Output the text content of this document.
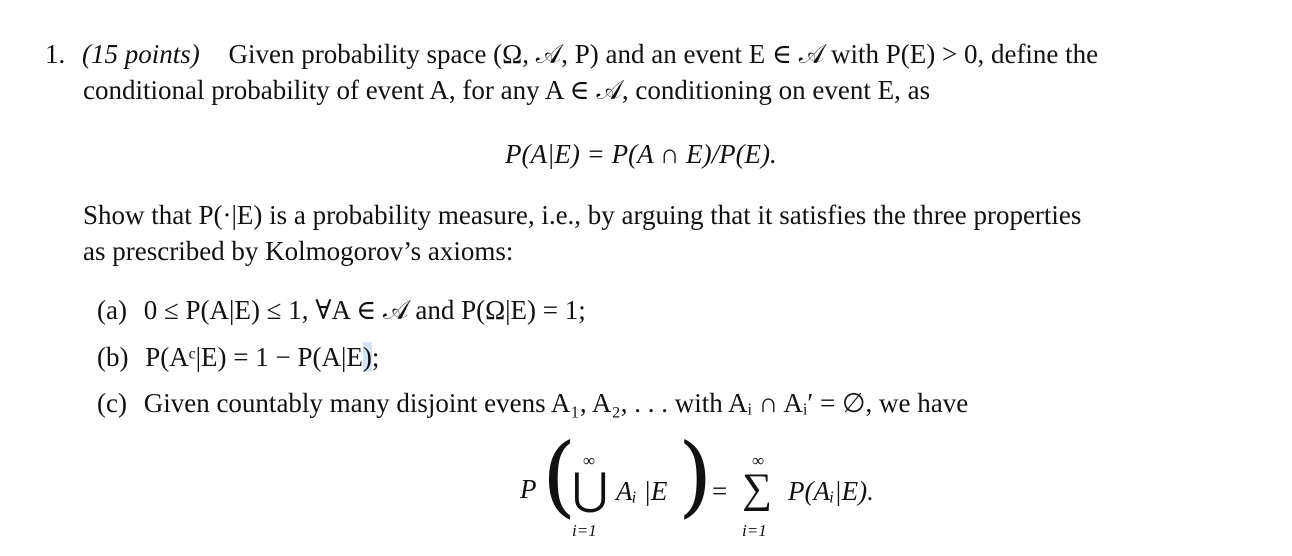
1. (15 points) Given probability space (Ω, 𝒜, P) and an event E ∈ 𝒜 with P(E) > 0, define the
conditional probability of event A, for any A ∈ 𝒜, conditioning on event E, as
P(A|E) = P(A ∩ E)/P(E).
Show that P(·|E) is a probability measure, i.e., by arguing that it satisfies the three properties
as prescribed by Kolmogorov’s axioms:
(a) 0 ≤ P(A|E) ≤ 1, ∀A ∈ 𝒜 and P(Ω|E) = 1;
(b) P(Aᶜ|E) = 1 − P(A|E);
(c) Given countably many disjoint evens A₁, A₂, . . . with Aᵢ ∩ Aᵢ′ = ∅, we have
P ( ∞
⋃
i=1
Aᵢ |E ) =
∞
∑
i=1
P(Aᵢ|E).
